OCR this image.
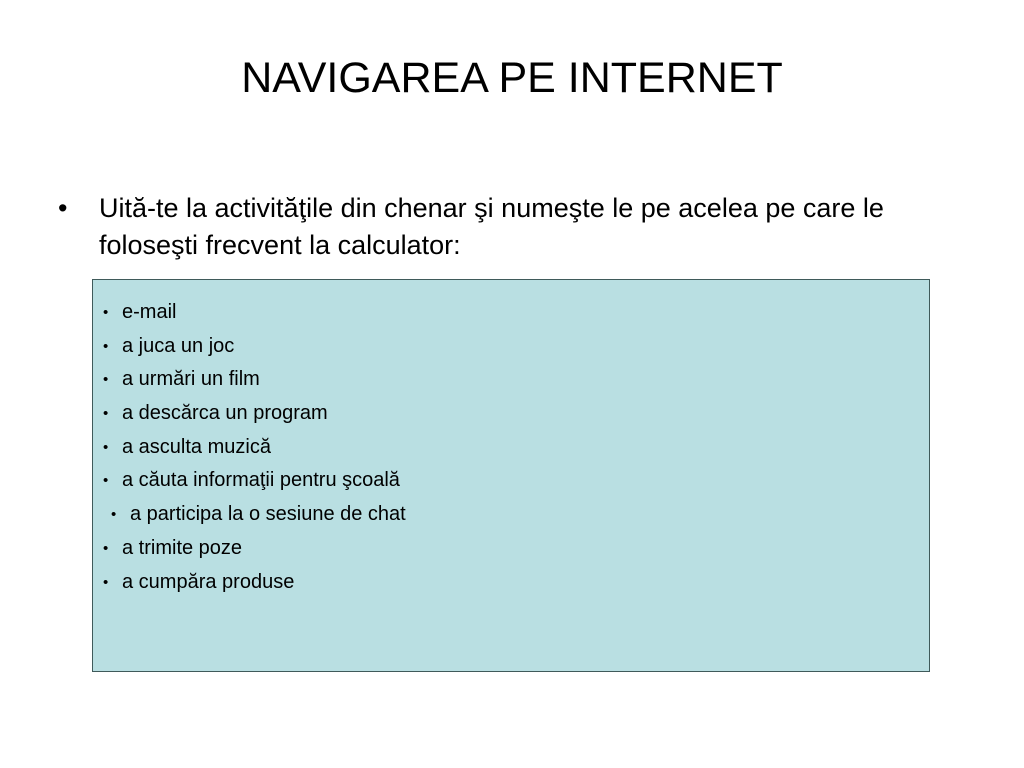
NAVIGAREA PE INTERNET
•	Uită-te la activităţile din chenar şi numeşte le pe acelea pe care le foloseşti frecvent la calculator:
• e-mail
• a juca un joc
• a urmări un film
• a descărca un program
• a asculta muzică
• a căuta informaţii pentru şcoală
• a participa la o sesiune de chat
• a trimite poze
• a cumpăra produse
